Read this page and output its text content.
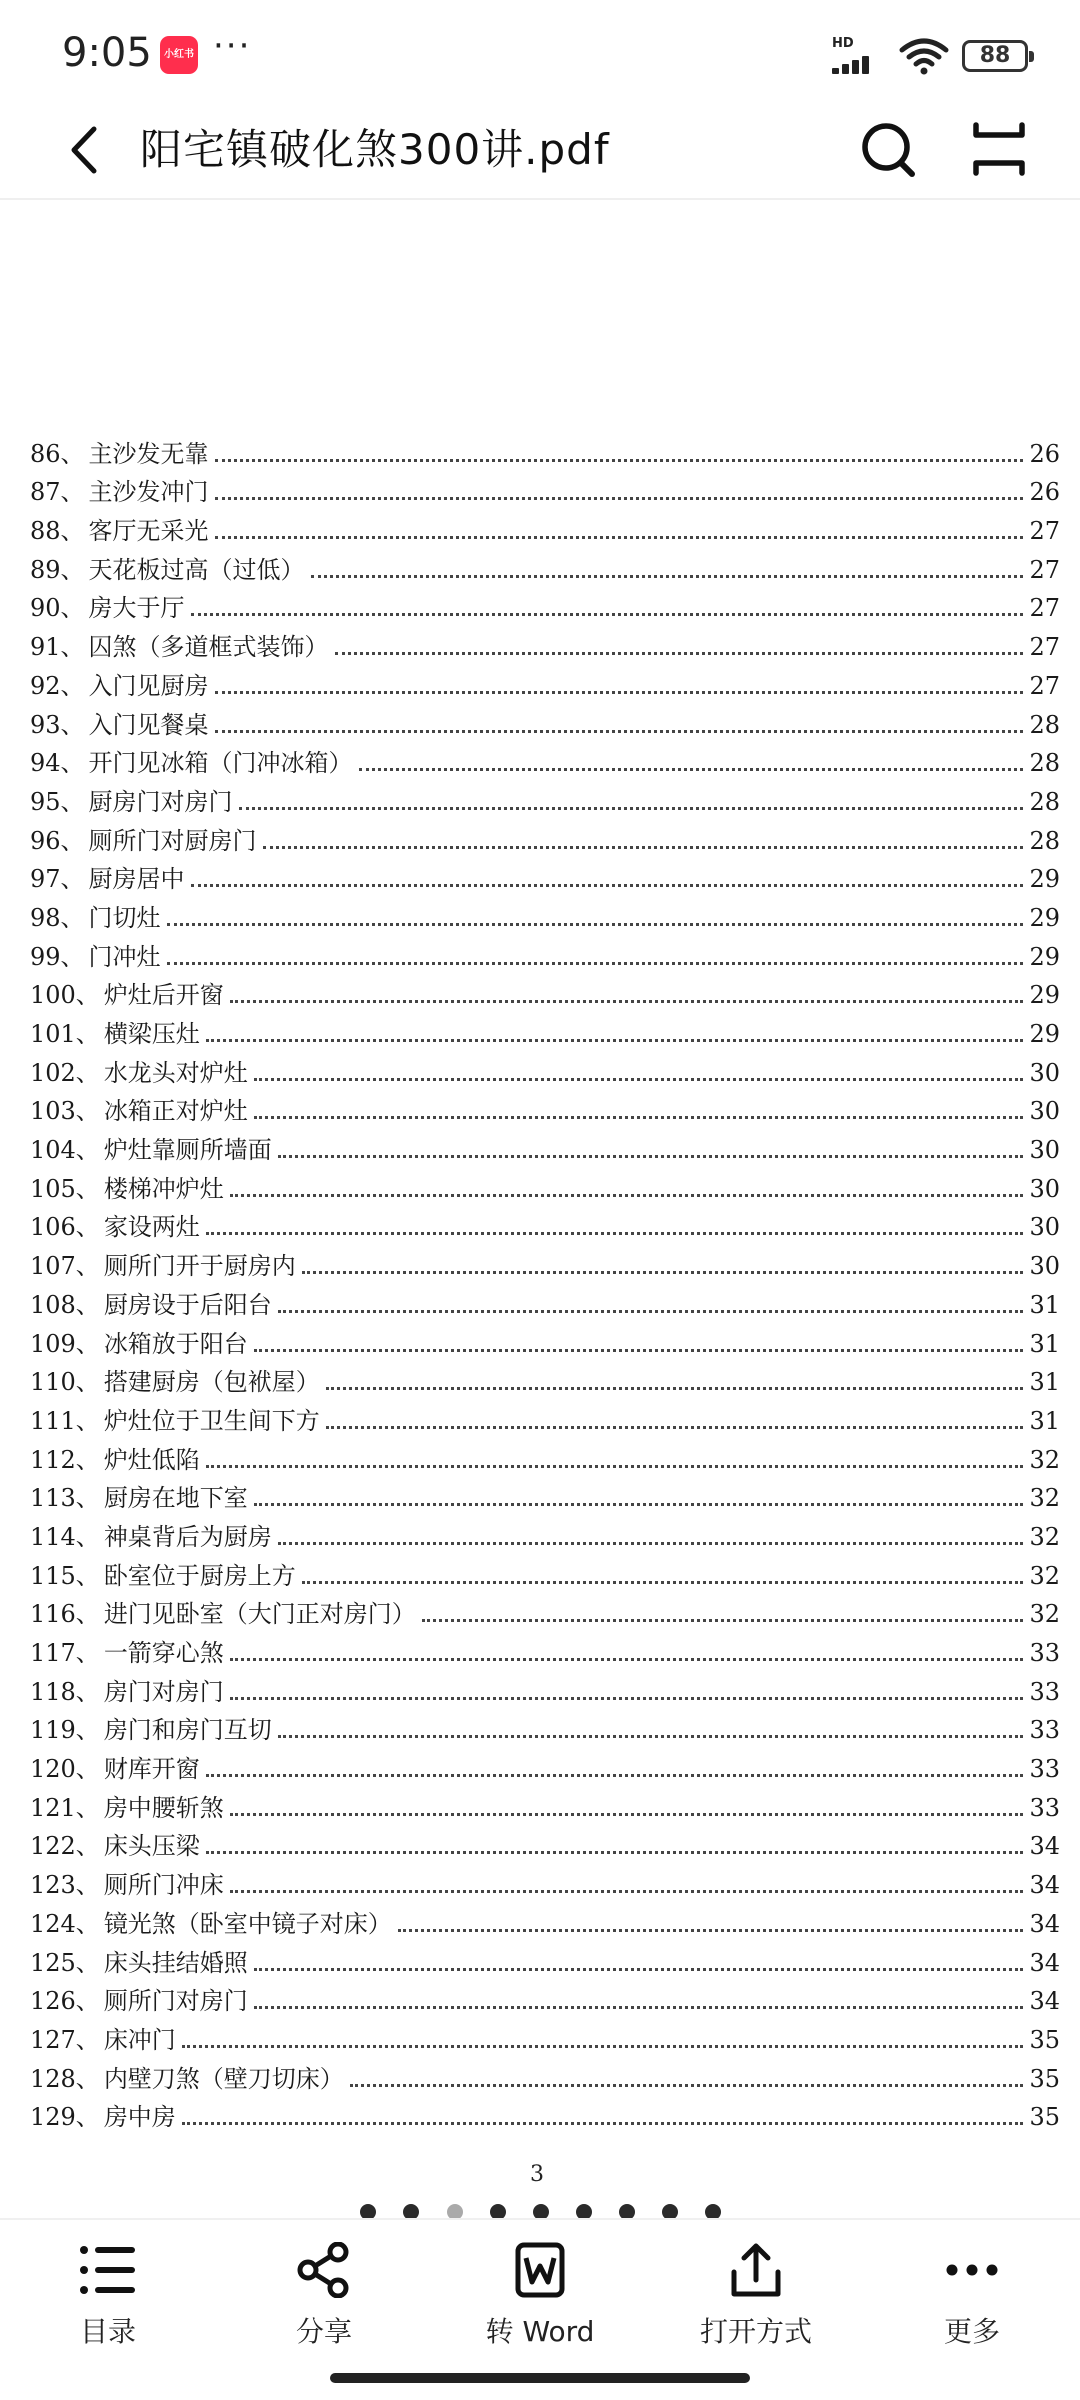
9:05	小红书 ···	HD	88
阳宅镇破化煞300讲.pdf
86、 主沙发无靠	26
87、 主沙发冲门	26
88、 客厅无采光	27
89、 天花板过高（过低）	27
90、 房大于厅	27
91、 囚煞（多道框式装饰）	27
92、 入门见厨房	27
93、 入门见餐桌	28
94、 开门见冰箱（门冲冰箱）	28
95、 厨房门对房门	28
96、 厕所门对厨房门	28
97、 厨房居中	29
98、 门切灶	29
99、 门冲灶	29
100、 炉灶后开窗	29
101、 横梁压灶	29
102、 水龙头对炉灶	30
103、 冰箱正对炉灶	30
104、 炉灶靠厕所墙面	30
105、 楼梯冲炉灶	30
106、 家设两灶	30
107、 厕所门开于厨房内	30
108、 厨房设于后阳台	31
109、 冰箱放于阳台	31
110、 搭建厨房（包袱屋）	31
111、 炉灶位于卫生间下方	31
112、 炉灶低陷	32
113、 厨房在地下室	32
114、 神桌背后为厨房	32
115、 卧室位于厨房上方	32
116、 进门见卧室（大门正对房门）	32
117、 一箭穿心煞	33
118、 房门对房门	33
119、 房门和房门互切	33
120、 财库开窗	33
121、 房中腰斩煞	33
122、 床头压梁	34
123、 厕所门冲床	34
124、 镜光煞（卧室中镜子对床）	34
125、 床头挂结婚照	34
126、 厕所门对房门	34
127、 床冲门	35
128、 内壁刀煞（壁刀切床）	35
129、 房中房	35
3
目录	分享	转 Word	打开方式	更多
